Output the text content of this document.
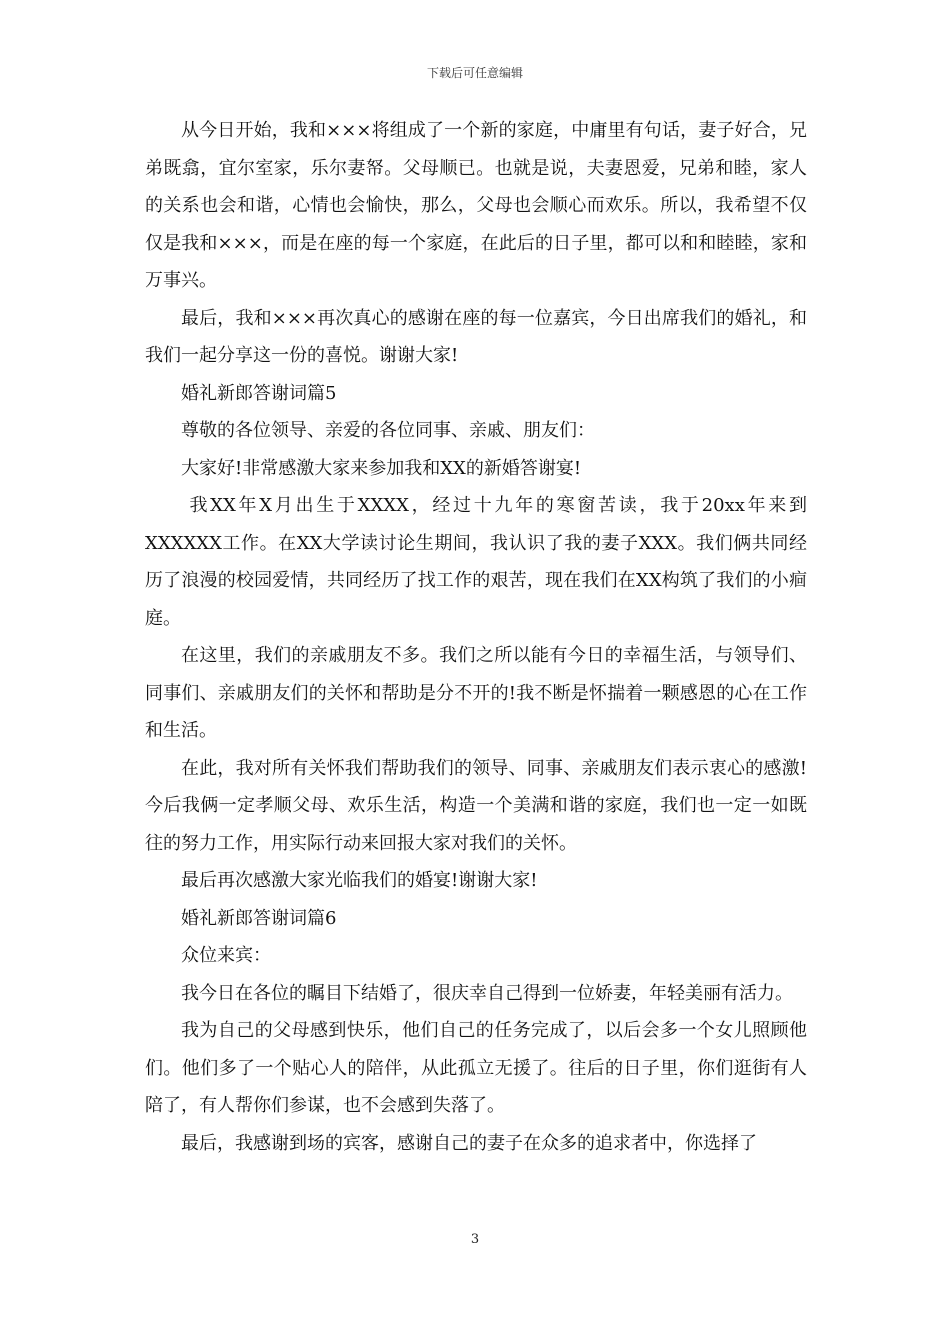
下载后可任意编辑

从今日开始，我和×××将组成了一个新的家庭，中庸里有句话，妻子好合，兄弟既翕，宜尔室家，乐尔妻帑。父母顺已。也就是说，夫妻恩爱，兄弟和睦，家人的关系也会和谐，心情也会愉快，那么，父母也会顺心而欢乐。所以，我希望不仅仅是我和×××，而是在座的每一个家庭，在此后的日子里，都可以和和睦睦，家和万事兴。

最后，我和×××再次真心的感谢在座的每一位嘉宾，今日出席我们的婚礼，和我们一起分享这一份的喜悦。谢谢大家!

婚礼新郎答谢词篇5

尊敬的各位领导、亲爱的各位同事、亲戚、朋友们：

大家好!非常感激大家来参加我和XX的新婚答谢宴!

我XX年X月出生于XXXX，经过十九年的寒窗苦读，我于20xx年来到XXXXXX工作。在XX大学读讨论生期间，我认识了我的妻子XXX。我们俩共同经历了浪漫的校园爱情，共同经历了找工作的艰苦，现在我们在XX构筑了我们的小痐庭。

在这里，我们的亲戚朋友不多。我们之所以能有今日的幸福生活，与领导们、同事们、亲戚朋友们的关怀和帮助是分不开的!我不断是怀揣着一颗感恩的心在工作和生活。

在此，我对所有关怀我们帮助我们的领导、同事、亲戚朋友们表示衷心的感激!今后我俩一定孝顺父母、欢乐生活，构造一个美满和谐的家庭，我们也一定一如既往的努力工作，用实际行动来回报大家对我们的关怀。

最后再次感激大家光临我们的婚宴!谢谢大家!

婚礼新郎答谢词篇6

众位来宾：

我今日在各位的瞩目下结婚了，很庆幸自己得到一位娇妻，年轻美丽有活力。

我为自己的父母感到快乐，他们自己的任务完成了，以后会多一个女儿照顾他们。他们多了一个贴心人的陪伴，从此孤立无援了。往后的日子里，你们逛街有人陪了，有人帮你们参谋，也不会感到失落了。

最后，我感谢到场的宾客，感谢自己的妻子在众多的追求者中，你选择了

3
